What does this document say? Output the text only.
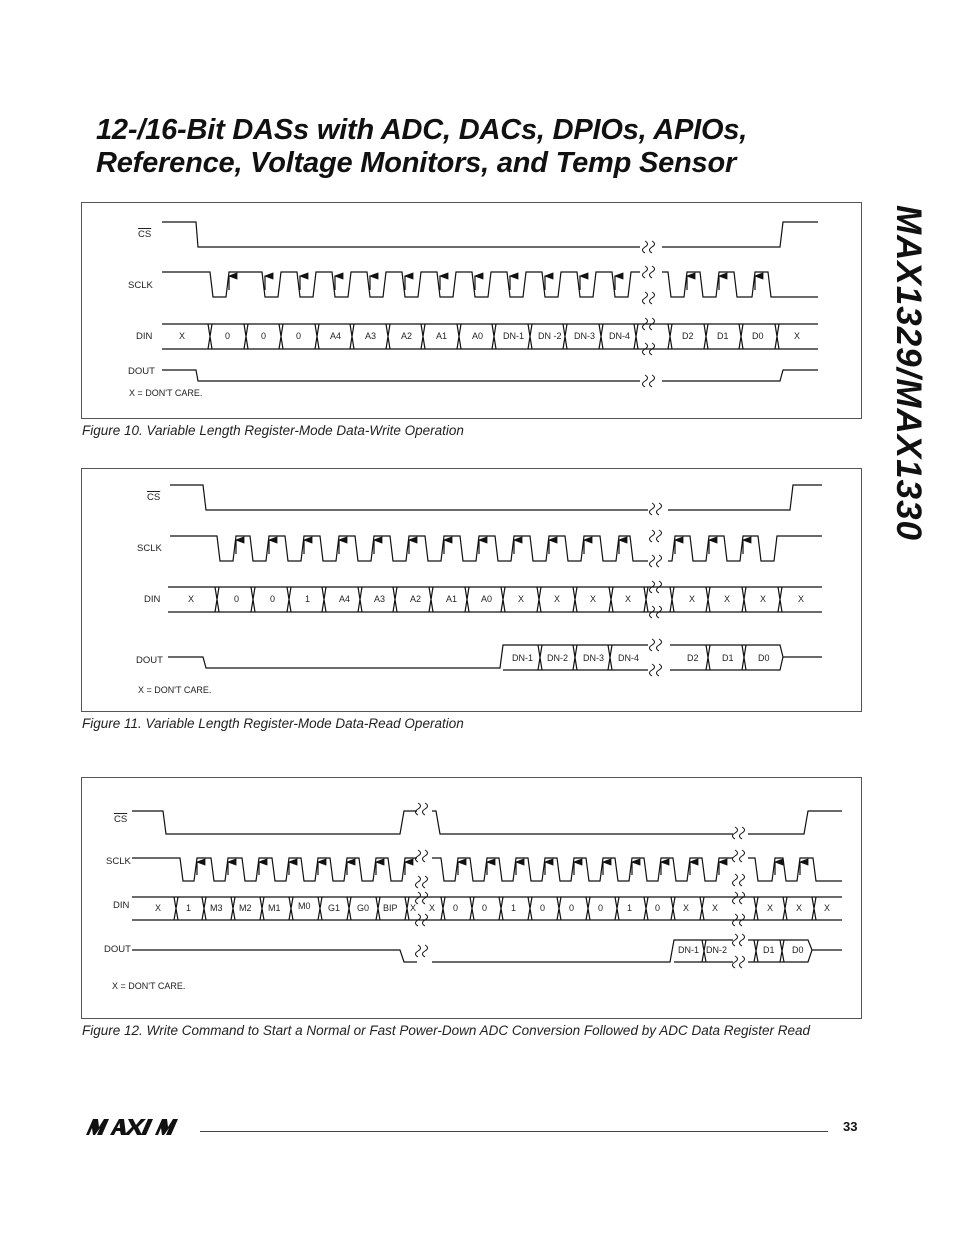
12-/16-Bit DASs with ADC, DACs, DPIOs, APIOs,
Reference, Voltage Monitors, and Temp Sensor
MAX1329/MAX1330
$\overline{CS}$
SCLK
DIN
DOUT
X = DON'T CARE.
X	0	0	0	A4	A3	A2	A1	A0 DN-1 DN -2 DN-3 DN-4	D2	D1	D0	X
Figure 10. Variable Length Register-Mode Data-Write Operation
$\overline{CS}$
SCLK
DIN
DOUT
X = DON'T CARE.
X	0	0	1	A4	A3	A2	A1	A0	X	X	X	X	X	X	X	X
DN-1 DN-2 DN-3 DN-4	D2	D1	D0
Figure 11. Variable Length Register-Mode Data-Read Operation
$\overline{CS}$
SCLK
DIN
DOUT
X = DON'T CARE.
X	1 M3 M2 M1 M0 G1 G0 BIP X X 0	0	1	0	0	0	1	0	X	X	X	X X
DN-1 DN-2	D1 D0
Figure 12. Write Command to Start a Normal or Fast Power-Down ADC Conversion Followed by ADC Data Register Read
33
